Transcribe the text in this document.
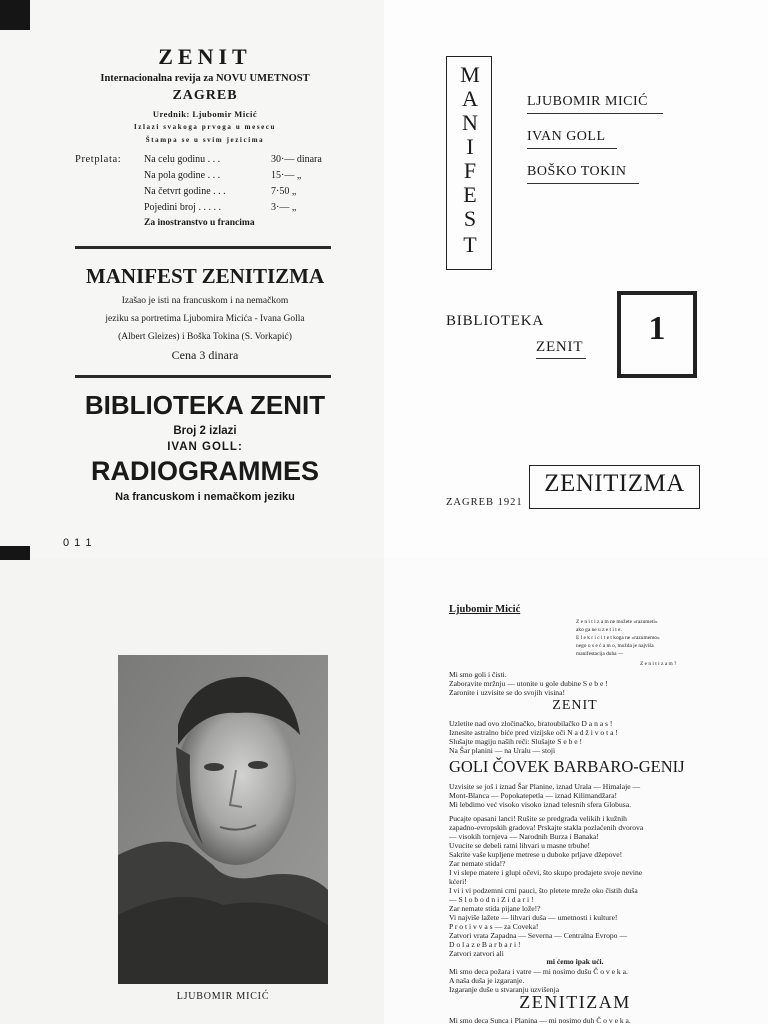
ZENIT
Internacionalna revija za NOVU UMETNOST
ZAGREB
Urednik: Ljubomir Micić
Izlazi svakoga prvoga u mesecu
Štampa se u svim jezicima
Pretplata: Na celu godinu . . .	30·— dinara
Na pola godine . . .	15·— „
Na četvrt godine . . .	7·50 „
Pojedini broj . . . . .	3·— „
Za inostranstvo u francima
MANIFEST ZENITIZMA
Izašao je isti na francuskom i na nemačkom
jeziku sa portretima Ljubomira Micića - Ivana Golla
(Albert Gleizes) i Boška Tokina (S. Vorkapić)
Cena 3 dinara
BIBLIOTEKA ZENIT
Broj 2 izlazi
IVAN GOLL:
RADIOGRAMMES
Na francuskom i nemačkom jeziku
0 1 1
M
A
N
I
F
E
S
T
LJUBOMIR MICIĆ
IVAN GOLL
BOŠKO TOKIN
BIBLIOTEKA
ZENIT	1
ZAGREB 1921
ZENITIZMA
LJUBOMIR MICIĆ
Ljubomir Micić
Z e n i t i z a m ne možete »razumeti«
ako ga ne u z e t i t e.
E l e k r i c i t e t koga ne »razumemo«
nego o s e ć a m o, možda je najviša
manifestacija duha —
Z e n i t i z a m ?
Mi smo goli i čisti.
Zaboravite mržnju — utonite u gole dubine S e b e !
Zaronite i uzvisite se do svojih visina!
ZENIT
Uzletite nad ovo zločinačko, bratoubilačko D a n a s !
Iznesite astralno biće pred vizijske oči N a d ž i v o t a !
Slušajte magiju naših reči: Slušajte S e b e !
Na Šar planini — na Uralu — stoji
GOLI ČOVEK BARBARO-GENIJ
Uzvisite se još i iznad Šar Planine, iznad Urala — Himalaje —
Mont-Blanca — Popokatepetla — iznad Kilimandžara!
Mi lebdimo već visoko visoko iznad telesnih sfera Globusa.
Pucajte opasani lanci! Rušite se predgrađa velikih i kužnih
zapadno-evropskih gradova! Prskajte stakla pozlaćenih dvorova
— visokih tornjeva — Narodnih Burza i Banaka!
Uvucite se debeli ratni lihvari u masne trbuhe!
Sakrite vaše kupljene metrese u duboke prljave džepove!
Zar nemate stida!?
I vi slepe matere i glupi očevi, što skupo prodajete svoje nevine
kćeri!
I vi i vi podzemni crni pauci, što pletete mreže oko čistih duša
— S l o b o d n i Z i d a r i !
Zar nemate stida pijane lože!?
Vi najviše lažete — lihvari duša — umetnosti i kulture!
P r o t i v v a s — za Coveka!
Zatvori vrata Zapadna — Severna — Centralna Evropo —
D o l a z e B a r b a r i !
Zatvori zatvori ali
mi ćemo ipak ući.
Mi smo deca požara i vatre — mi nosimo dušu Č o v e k a.
A naša duša je izgaranje.
Izgaranje duše u stvaranju uzvišenja
ZENITIZAM
Mi smo deca Sunca i Planina — mi nosimo duh Č o v e k a.
